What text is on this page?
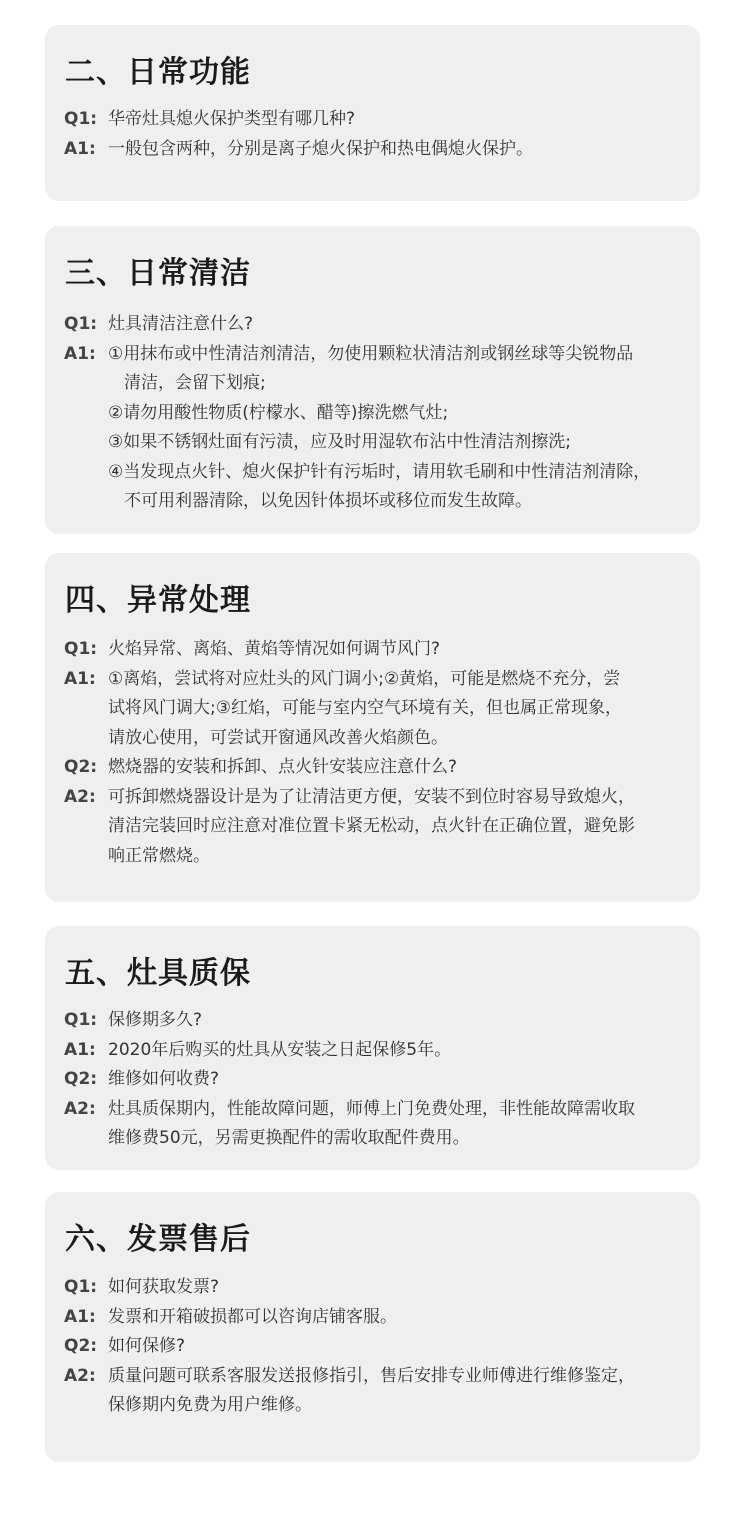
二、日常功能
Q1: 华帝灶具熄火保护类型有哪几种?
A1: 一般包含两种，分别是离子熄火保护和热电偶熄火保护。
三、日常清洁
Q1: 灶具清洁注意什么?
A1: ①用抹布或中性清洁剂清洁，勿使用颗粒状清洁剂或钢丝球等尖锐物品
清洁，会留下划痕;
②请勿用酸性物质(柠檬水、醋等)擦洗燃气灶;
③如果不锈钢灶面有污渍，应及时用湿软布沾中性清洁剂擦洗;
④当发现点火针、熄火保护针有污垢时，请用软毛刷和中性清洁剂清除，
不可用利器清除，以免因针体损坏或移位而发生故障。
四、异常处理
Q1: 火焰异常、离焰、黄焰等情况如何调节风门?
A1: ①离焰，尝试将对应灶头的风门调小;②黄焰，可能是燃烧不充分，尝
试将风门调大;③红焰，可能与室内空气环境有关，但也属正常现象，
请放心使用，可尝试开窗通风改善火焰颜色。
Q2: 燃烧器的安装和拆卸、点火针安装应注意什么?
A2: 可拆卸燃烧器设计是为了让清洁更方便，安装不到位时容易导致熄火，
清洁完装回时应注意对准位置卡紧无松动，点火针在正确位置，避免影
响正常燃烧。
五、灶具质保
Q1: 保修期多久?
A1: 2020年后购买的灶具从安装之日起保修5年。
Q2: 维修如何收费?
A2: 灶具质保期内，性能故障问题，师傅上门免费处理，非性能故障需收取
维修费50元，另需更换配件的需收取配件费用。
六、发票售后
Q1: 如何获取发票?
A1: 发票和开箱破损都可以咨询店铺客服。
Q2: 如何保修?
A2: 质量问题可联系客服发送报修指引，售后安排专业师傅进行维修鉴定，
保修期内免费为用户维修。
